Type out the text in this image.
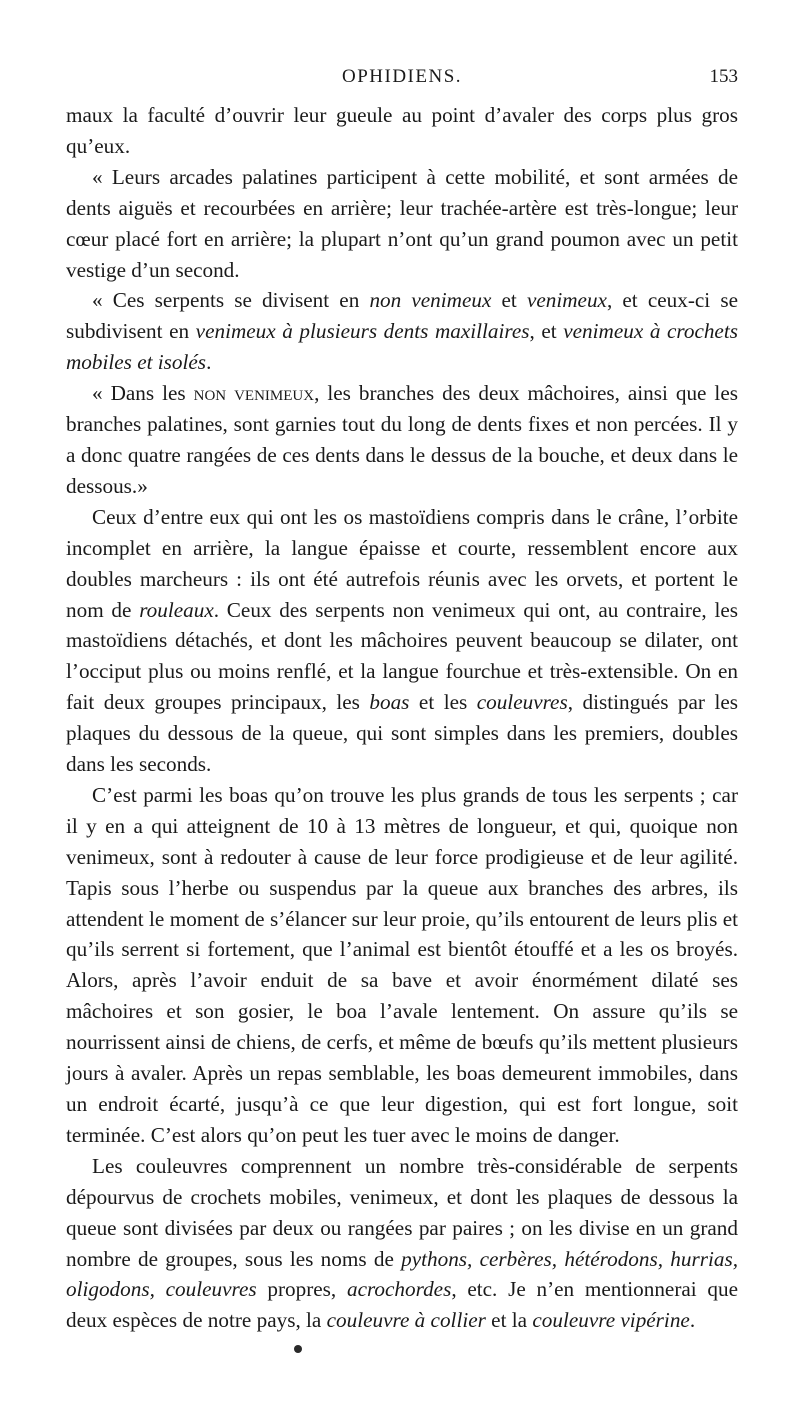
OPHIDIENS.	153

maux la faculté d’ouvrir leur gueule au point d’avaler des corps plus gros qu’eux.

« Leurs arcades palatines participent à cette mobilité, et sont armées de dents aiguës et recourbées en arrière; leur trachée-artère est très-longue; leur cœur placé fort en arrière; la plupart n’ont qu’un grand poumon avec un petit vestige d’un second.

« Ces serpents se divisent en non venimeux et venimeux, et ceux-ci se subdivisent en venimeux à plusieurs dents maxillaires, et venimeux à crochets mobiles et isolés.

« Dans les non venimeux, les branches des deux mâchoires, ainsi que les branches palatines, sont garnies tout du long de dents fixes et non percées. Il y a donc quatre rangées de ces dents dans le dessus de la bouche, et deux dans le dessous.»

Ceux d’entre eux qui ont les os mastoïdiens compris dans le crâne, l’orbite incomplet en arrière, la langue épaisse et courte, ressemblent encore aux doubles marcheurs : ils ont été autrefois réunis avec les orvets, et portent le nom de rouleaux. Ceux des serpents non venimeux qui ont, au contraire, les mastoïdiens détachés, et dont les mâchoires peuvent beaucoup se dilater, ont l’occiput plus ou moins renflé, et la langue fourchue et très-extensible. On en fait deux groupes principaux, les boas et les couleuvres, distingués par les plaques du dessous de la queue, qui sont simples dans les premiers, doubles dans les seconds.

C’est parmi les boas qu’on trouve les plus grands de tous les serpents ; car il y en a qui atteignent de 10 à 13 mètres de longueur, et qui, quoique non venimeux, sont à redouter à cause de leur force prodigieuse et de leur agilité. Tapis sous l’herbe ou suspendus par la queue aux branches des arbres, ils attendent le moment de s’élancer sur leur proie, qu’ils entourent de leurs plis et qu’ils serrent si fortement, que l’animal est bientôt étouffé et a les os broyés. Alors, après l’avoir enduit de sa bave et avoir énormément dilaté ses mâchoires et son gosier, le boa l’avale lentement. On assure qu’ils se nourrissent ainsi de chiens, de cerfs, et même de bœufs qu’ils mettent plusieurs jours à avaler. Après un repas semblable, les boas demeurent immobiles, dans un endroit écarté, jusqu’à ce que leur digestion, qui est fort longue, soit terminée. C’est alors qu’on peut les tuer avec le moins de danger.

Les couleuvres comprennent un nombre très-considérable de serpents dépourvus de crochets mobiles, venimeux, et dont les plaques de dessous la queue sont divisées par deux ou rangées par paires ; on les divise en un grand nombre de groupes, sous les noms de pythons, cerbères, hétérodons, hurrias, oligodons, couleuvres propres, acrochordes, etc. Je n’en mentionnerai que deux espèces de notre pays, la couleuvre à collier et la couleuvre vipérine.
